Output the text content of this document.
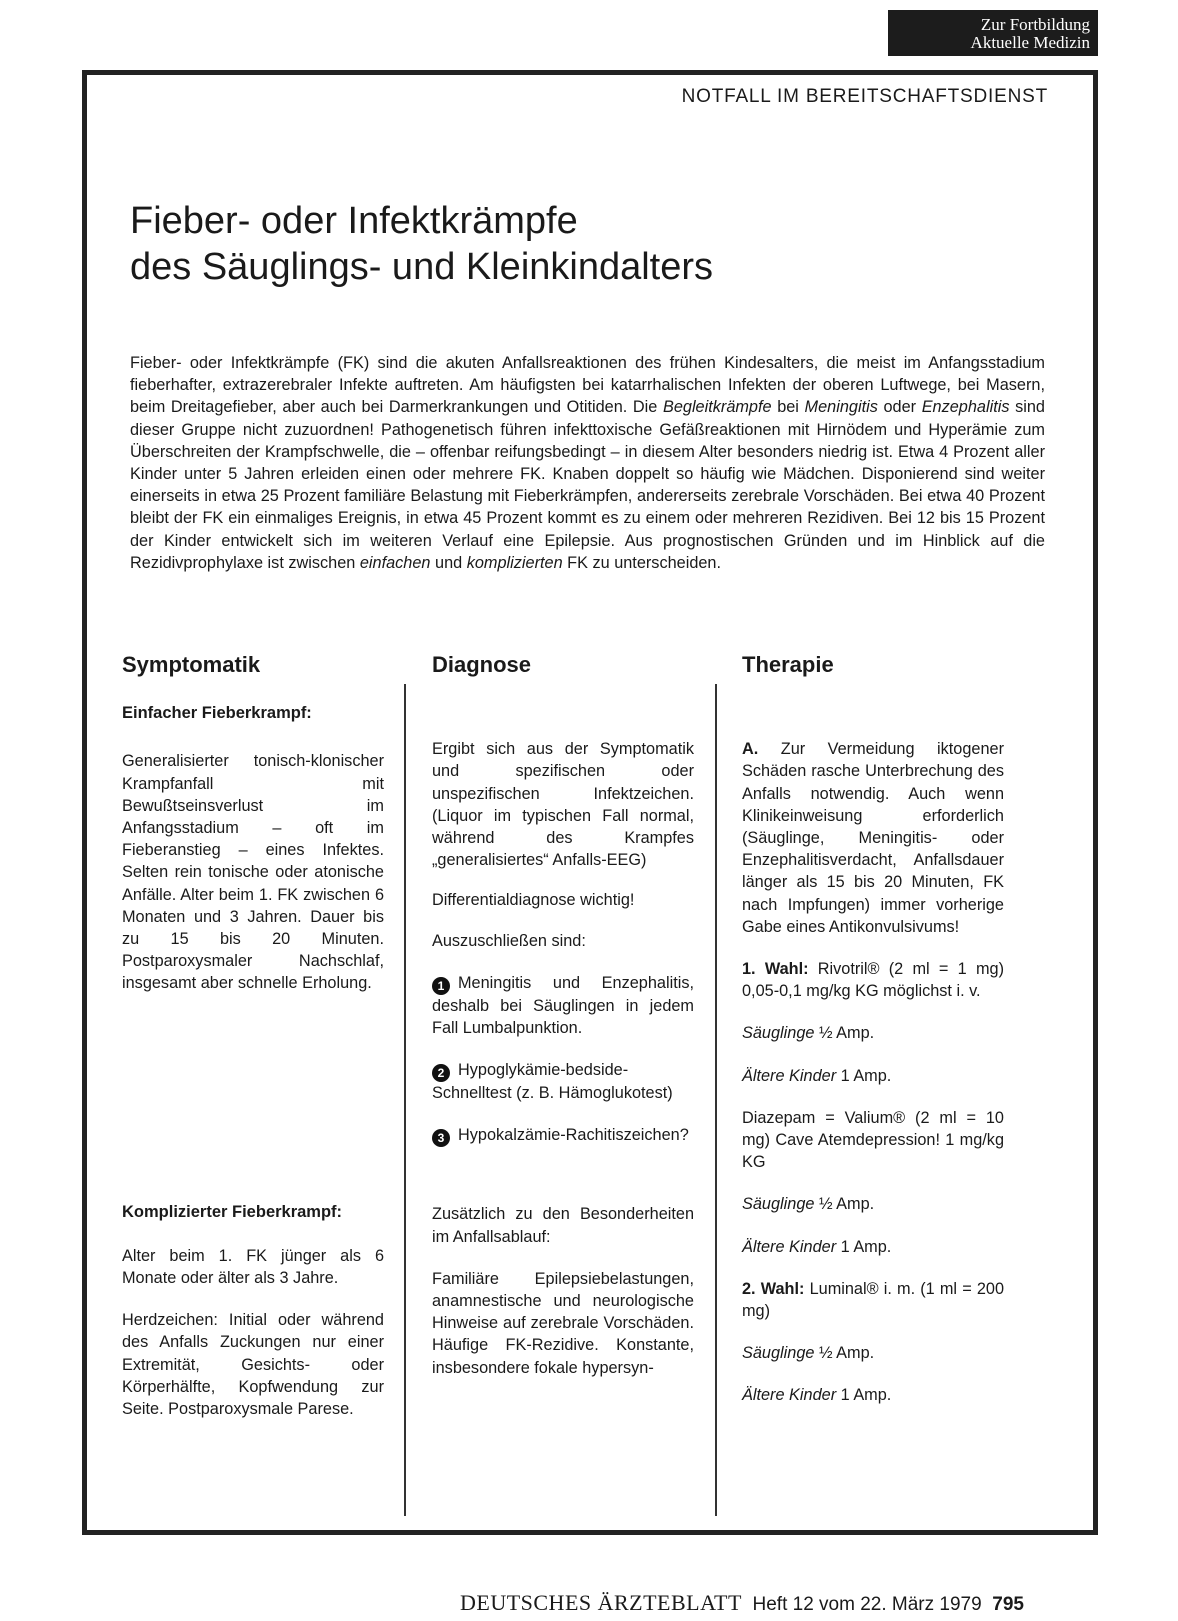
Zur Fortbildung
Aktuelle Medizin
NOTFALL IM BEREITSCHAFTSDIENST
Fieber- oder Infektkrämpfe
des Säuglings- und Kleinkindalters

Fieber- oder Infektkrämpfe (FK) sind die akuten Anfallsreaktionen des frühen Kindesalters, die meist im Anfangsstadium fieberhafter, extrazerebraler Infekte auftreten. Am häufigsten bei katarrhalischen Infekten der oberen Luftwege, bei Masern, beim Dreitagefieber, aber auch bei Darmerkrankungen und Otitiden. Die Begleitkrämpfe bei Meningitis oder Enzephalitis sind dieser Gruppe nicht zuzuordnen! Pathogenetisch führen infekttoxische Gefäßreaktionen mit Hirnödem und Hyperämie zum Überschreiten der Krampfschwelle, die – offenbar reifungsbedingt – in diesem Alter besonders niedrig ist. Etwa 4 Prozent aller Kinder unter 5 Jahren erleiden einen oder mehrere FK. Knaben doppelt so häufig wie Mädchen. Disponierend sind weiter einerseits in etwa 25 Prozent familiäre Belastung mit Fieberkrämpfen, andererseits zerebrale Vorschäden. Bei etwa 40 Prozent bleibt der FK ein einmaliges Ereignis, in etwa 45 Prozent kommt es zu einem oder mehreren Rezidiven. Bei 12 bis 15 Prozent der Kinder entwickelt sich im weiteren Verlauf eine Epilepsie. Aus prognostischen Gründen und im Hinblick auf die Rezidivprophylaxe ist zwischen einfachen und komplizierten FK zu unterscheiden.

Symptomatik
Einfacher Fieberkrampf:

Generalisierter tonisch-klonischer Krampfanfall mit Bewußtseinsverlust im Anfangsstadium – oft im Fieberanstieg – eines Infektes. Selten rein tonische oder atonische Anfälle. Alter beim 1. FK zwischen 6 Monaten und 3 Jahren. Dauer bis zu 15 bis 20 Minuten. Postparoxysmaler Nachschlaf, insgesamt aber schnelle Erholung.

Komplizierter Fieberkrampf:

Alter beim 1. FK jünger als 6 Monate oder älter als 3 Jahre.

Herdzeichen: Initial oder während des Anfalls Zuckungen nur einer Extremität, Gesichts- oder Körperhälfte, Kopfwendung zur Seite. Postparoxysmale Parese.

Diagnose

Ergibt sich aus der Symptomatik und spezifischen oder unspezifischen Infektzeichen. (Liquor im typischen Fall normal, während des Krampfes „generalisiertes“ Anfalls-EEG)

Differentialdiagnose wichtig!

Auszuschließen sind:

1 Meningitis und Enzephalitis, deshalb bei Säuglingen in jedem Fall Lumbalpunktion.

2 Hypoglykämie-bedside-Schnelltest (z. B. Hämoglukotest)

3 Hypokalzämie-Rachitiszeichen?

Zusätzlich zu den Besonderheiten im Anfallsablauf:

Familiäre Epilepsiebelastungen, anamnestische und neurologische Hinweise auf zerebrale Vorschäden. Häufige FK-Rezidive. Konstante, insbesondere fokale hypersyn-

Therapie

A. Zur Vermeidung iktogener Schäden rasche Unterbrechung des Anfalls notwendig. Auch wenn Klinikeinweisung erforderlich (Säuglinge, Meningitis- oder Enzephalitisverdacht, Anfallsdauer länger als 15 bis 20 Minuten, FK nach Impfungen) immer vorherige Gabe eines Antikonvulsivums!

1. Wahl: Rivotril® (2 ml = 1 mg) 0,05-0,1 mg/kg KG möglichst i. v.

Säuglinge ½ Amp.

Ältere Kinder 1 Amp.

Diazepam = Valium® (2 ml = 10 mg) Cave Atemdepression! 1 mg/kg KG

Säuglinge ½ Amp.

Ältere Kinder 1 Amp.

2. Wahl: Luminal® i. m. (1 ml = 200 mg)

Säuglinge ½ Amp.

Ältere Kinder 1 Amp.

DEUTSCHES ÄRZTEBLATT Heft 12 vom 22. März 1979 795
